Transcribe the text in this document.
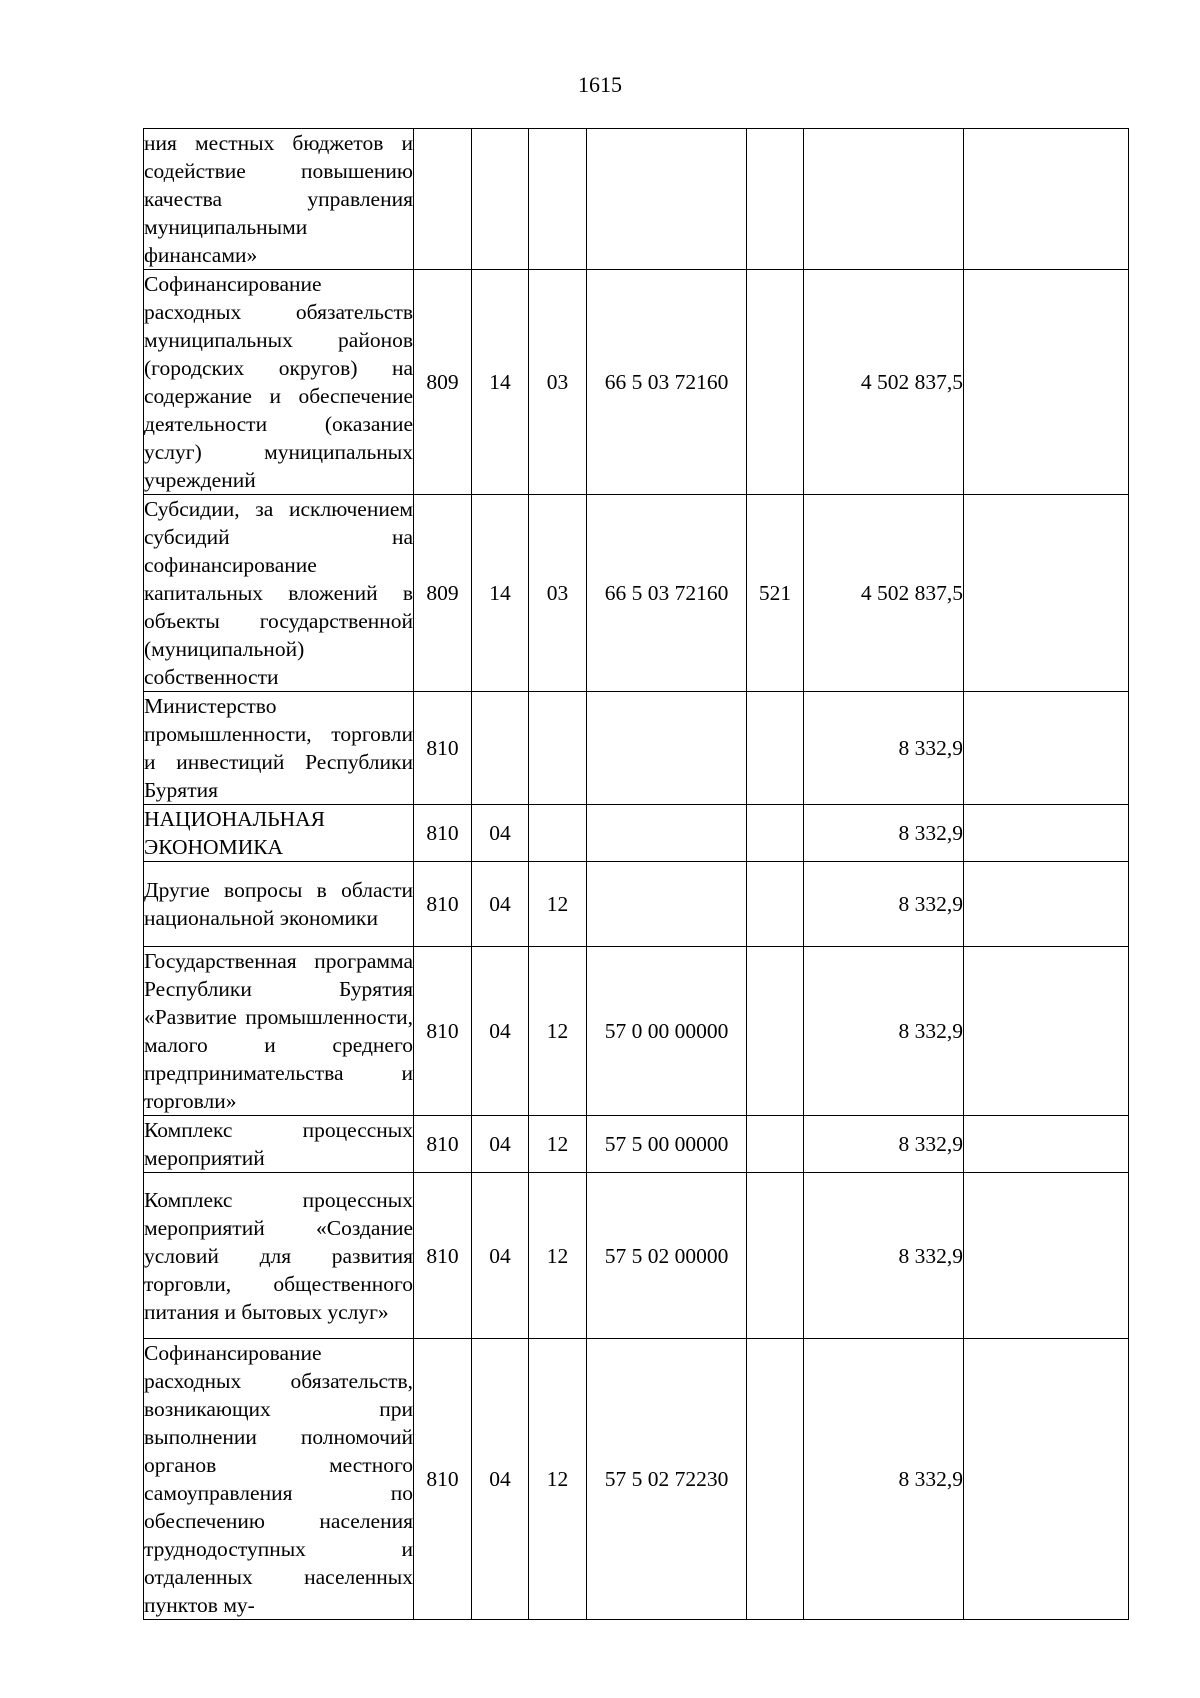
1615
ния местных бюджетов и содействие повышению качества управления муниципальными финансами»							

Софинансирование расходных обязательств муниципальных районов (городских округов) на содержание и обеспечение деятельности (оказание услуг) муниципальных учреждений	809	14	03	66 5 03 72160		4 502 837,5	

Субсидии, за исключением субсидий на софинансирование капитальных вложений в объекты государственной (муниципальной) собственности	809	14	03	66 5 03 72160	521	4 502 837,5	

Министерство промышленности, торговли и инвестиций Республики Бурятия	810					8 332,9	

НАЦИОНАЛЬНАЯ ЭКОНОМИКА	810	04				8 332,9	

Другие вопросы в области национальной экономики	810	04	12			8 332,9	

Государственная программа Республики Бурятия «Развитие промышленности, малого и среднего предпринимательства и торговли»	810	04	12	57 0 00 00000		8 332,9	

Комплекс процессных мероприятий	810	04	12	57 5 00 00000		8 332,9	

Комплекс процессных мероприятий «Создание условий для развития торговли, общественного питания и бытовых услуг»	810	04	12	57 5 02 00000		8 332,9	

Софинансирование расходных обязательств, возникающих при выполнении полномочий органов местного самоуправления по обеспечению населения труднодоступных и отдаленных населенных пунктов му-	810	04	12	57 5 02 72230		8 332,9	
